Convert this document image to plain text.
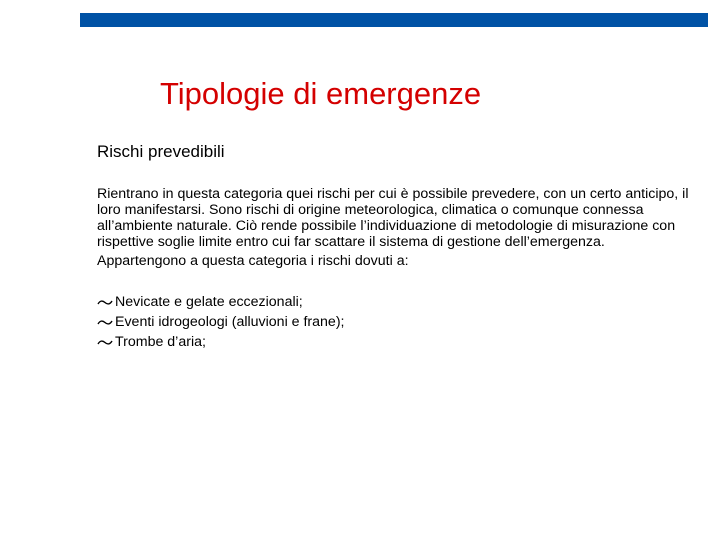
Tipologie di emergenze
Rischi prevedibili
Rientrano in questa categoria quei rischi per cui è possibile prevedere, con un certo anticipo, il loro manifestarsi. Sono rischi di origine meteorologica, climatica o comunque connessa all’ambiente naturale. Ciò rende possibile l’individuazione di metodologie di misurazione con rispettive soglie limite entro cui far scattare il sistema di gestione dell’emergenza.
Appartengono a questa categoria i rischi dovuti a:
Nevicate e gelate eccezionali;
Eventi idrogeologi (alluvioni e frane);
Trombe d’aria;
